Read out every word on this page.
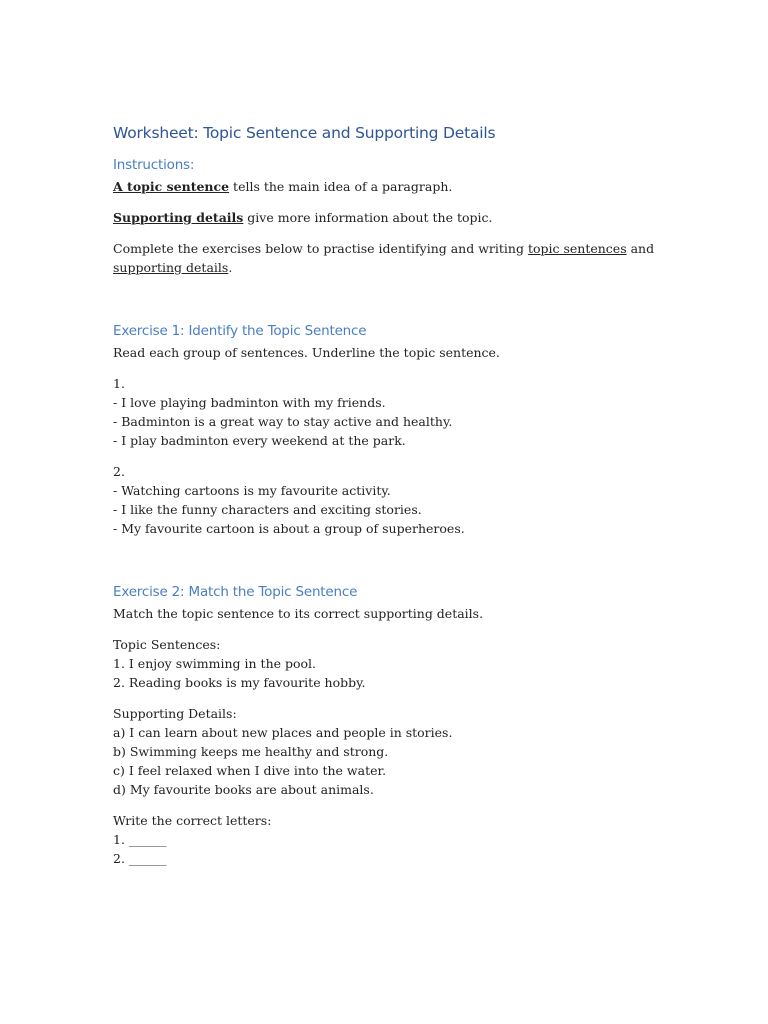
Worksheet: Topic Sentence and Supporting Details
Instructions:

A topic sentence tells the main idea of a paragraph.

Supporting details give more information about the topic.

Complete the exercises below to practise identifying and writing topic sentences and
supporting details.

Exercise 1: Identify the Topic Sentence

Read each group of sentences. Underline the topic sentence.

1.
- I love playing badminton with my friends.
- Badminton is a great way to stay active and healthy.
- I play badminton every weekend at the park.
2.
- Watching cartoons is my favourite activity.
- I like the funny characters and exciting stories.
- My favourite cartoon is about a group of superheroes.
Exercise 2: Match the Topic Sentence

Match the topic sentence to its correct supporting details.

Topic Sentences:
1. I enjoy swimming in the pool.
2. Reading books is my favourite hobby.
Supporting Details:
a) I can learn about new places and people in stories.
b) Swimming keeps me healthy and strong.
c) I feel relaxed when I dive into the water.
d) My favourite books are about animals.
Write the correct letters:
1. ______
2. ______
